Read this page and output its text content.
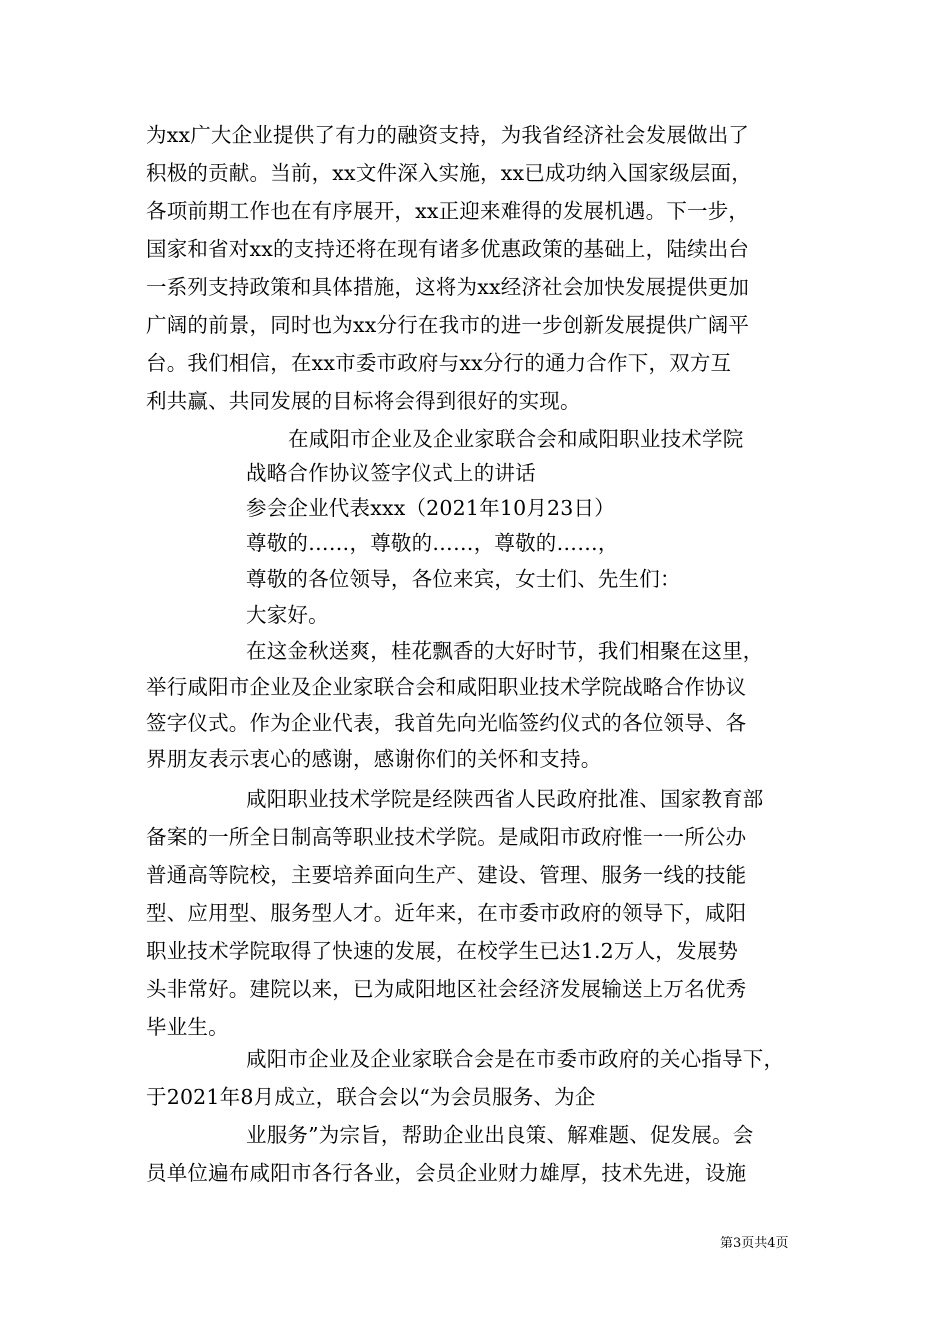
为xx广大企业提供了有力的融资支持，为我省经济社会发展做出了
积极的贡献。当前，xx文件深入实施，xx已成功纳入国家级层面，
各项前期工作也在有序展开，xx正迎来难得的发展机遇。下一步，
国家和省对xx的支持还将在现有诸多优惠政策的基础上，陆续出台
一系列支持政策和具体措施，这将为xx经济社会加快发展提供更加
广阔的前景，同时也为xx分行在我市的进一步创新发展提供广阔平
台。我们相信，在xx市委市政府与xx分行的通力合作下，双方互
利共赢、共同发展的目标将会得到很好的实现。
在咸阳市企业及企业家联合会和咸阳职业技术学院
战略合作协议签字仪式上的讲话
参会企业代表xxx（2021年10月23日）
尊敬的……，尊敬的……，尊敬的……，
尊敬的各位领导，各位来宾，女士们、先生们：
大家好。
在这金秋送爽，桂花飘香的大好时节，我们相聚在这里，
举行咸阳市企业及企业家联合会和咸阳职业技术学院战略合作协议
签字仪式。作为企业代表，我首先向光临签约仪式的各位领导、各
界朋友表示衷心的感谢，感谢你们的关怀和支持。
咸阳职业技术学院是经陕西省人民政府批准、国家教育部
备案的一所全日制高等职业技术学院。是咸阳市政府惟一一所公办
普通高等院校，主要培养面向生产、建设、管理、服务一线的技能
型、应用型、服务型人才。近年来，在市委市政府的领导下，咸阳
职业技术学院取得了快速的发展，在校学生已达1.2万人，发展势
头非常好。建院以来，已为咸阳地区社会经济发展输送上万名优秀
毕业生。
咸阳市企业及企业家联合会是在市委市政府的关心指导下，
于2021年8月成立，联合会以“为会员服务、为企
业服务”为宗旨，帮助企业出良策、解难题、促发展。会
员单位遍布咸阳市各行各业，会员企业财力雄厚，技术先进，设施
第3页共4页
